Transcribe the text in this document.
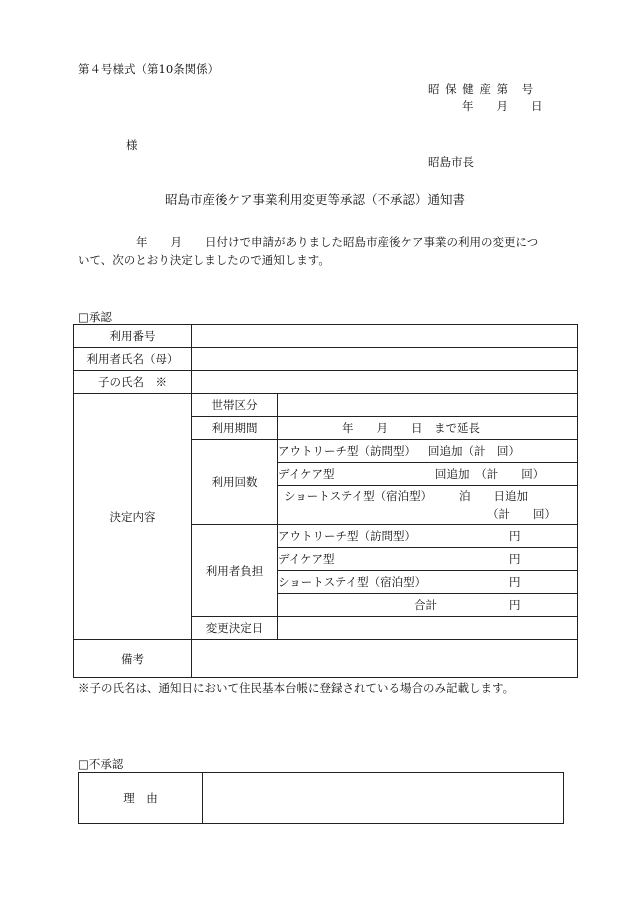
第４号様式（第10条関係）
昭 保 健 産 第　号
年　　月　　日
様
昭島市長
昭島市産後ケア事業利用変更等承認（不承認）通知書
年　　月　　日付けで申請がありました昭島市産後ケア事業の利用の変更につ
いて、次のとおり決定しましたので通知します。
□承認
利用番号		
利用者氏名（母）		
子の氏名　※		
決定内容	世帯区分	
	利用期間	年　　月　　日　まで延長
	利用回数	アウトリーチ型（訪問型） 回追加（計　回）
		デイケア型 回追加　（計　　回）

		ショートステイ型（宿泊型） 泊　　日追加
（計　　回）

	利用者負担	アウトリーチ型（訪問型） 円

		デイケア型 円

		ショートステイ型（宿泊型） 円

		合計 円

	変更決定日	
備考		
※子の氏名は、通知日において住民基本台帳に登録されている場合のみ記載します。
□不承認
理　由	
